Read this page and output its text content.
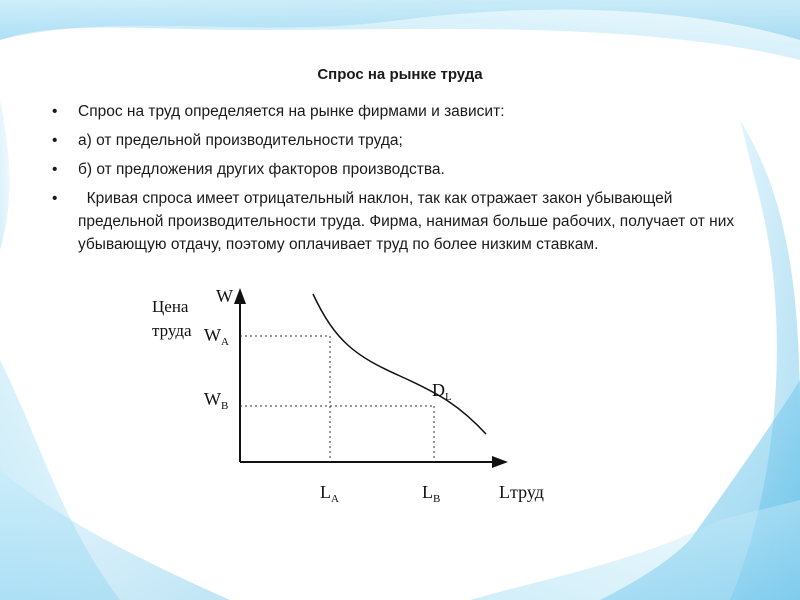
Спрос на рынке труда
• Спрос на труд определяется на рынке фирмами и зависит:
• а) от предельной производительности труда;
• б) от предложения других факторов производства.
• Кривая спроса имеет отрицательный наклон, так как отражает закон убывающей предельной производительности труда. Фирма, нанимая больше рабочих, получает от них убывающую отдачу, поэтому оплачивает труд по более низким ставкам.
Цена
труда
W
$W_A$
$W_B$
$D_L$
$L_A$	$L_B$	Lтруд
